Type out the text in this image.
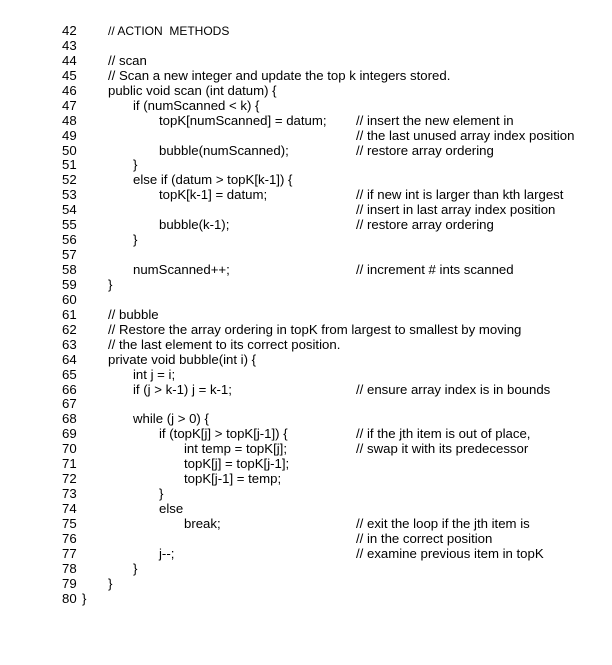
42	// ACTION  METHODS
43
44 // scan
45 // Scan a new integer and update the top k integers stored.
46 public void scan (int datum) {
47	if (numScanned < k) {
48	topK[numScanned] = datum; // insert the new element in
49	// the last unused array index position
50	bubble(numScanned);	// restore array ordering
51	}
52	else if (datum > topK[k-1]) {
53	topK[k-1] = datum;	// if new int is larger than kth largest
54	// insert in last array index position
55	bubble(k-1);	// restore array ordering
56	}
57
58	numScanned++;	// increment # ints scanned
59 }
60
61 // bubble
62 // Restore the array ordering in topK from largest to smallest by moving
63 // the last element to its correct position.
64 private void bubble(int i) {
65	int j = i;
66	if (j > k-1) j = k-1;	// ensure array index is in bounds
67
68	while (j > 0) {
69	if (topK[j] > topK[j-1]) {	// if the jth item is out of place,
70	int temp = topK[j];	// swap it with its predecessor
71	topK[j] = topK[j-1];
72	topK[j-1] = temp;
73	}
74	else
75	break;	// exit the loop if the jth item is
76	// in the correct position
77	j--;	// examine previous item in topK
78	}
79 }
80 }
